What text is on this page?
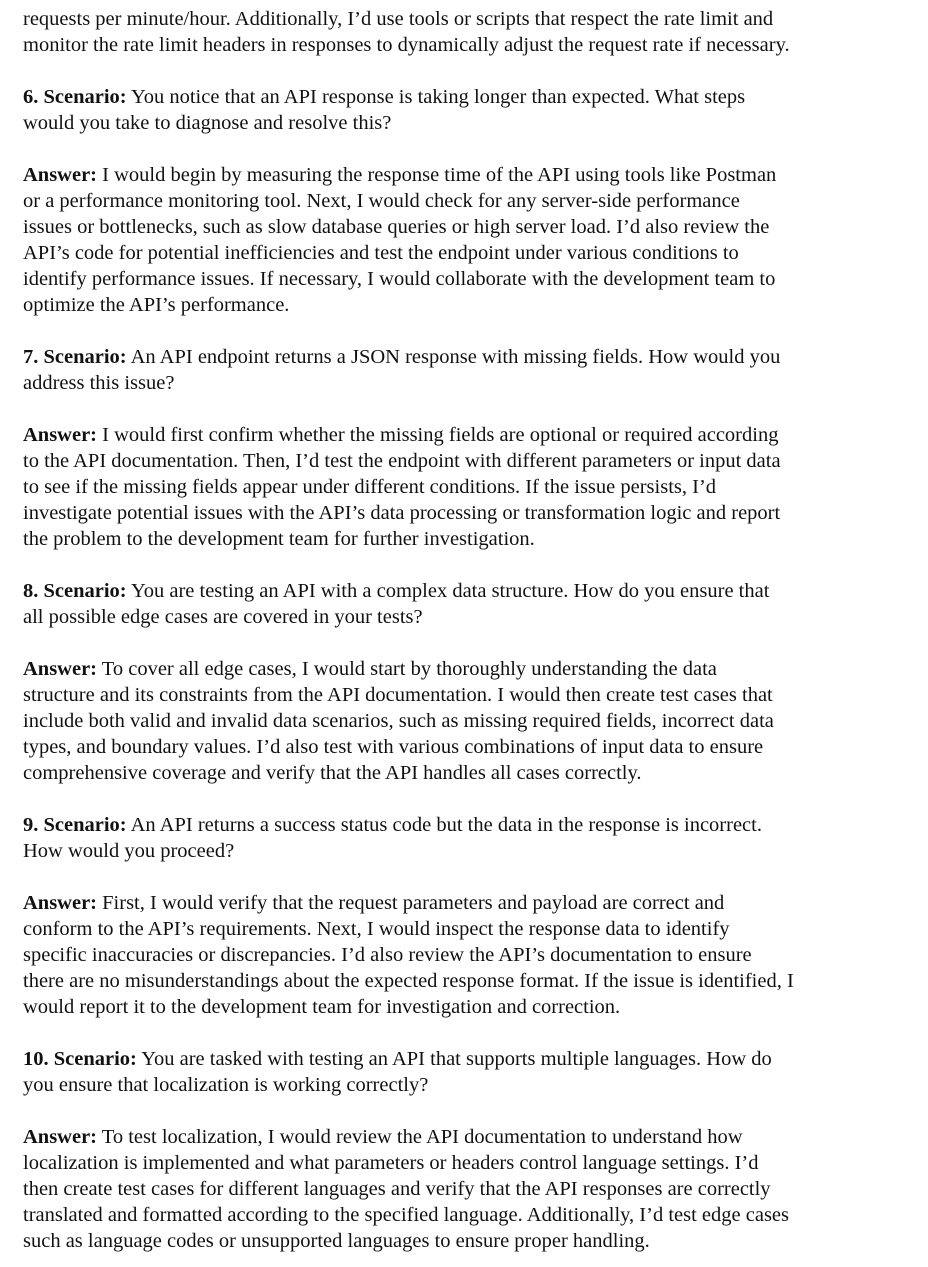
requests per minute/hour. Additionally, I’d use tools or scripts that respect the rate limit and
monitor the rate limit headers in responses to dynamically adjust the request rate if necessary.

6. Scenario: You notice that an API response is taking longer than expected. What steps
would you take to diagnose and resolve this?

Answer: I would begin by measuring the response time of the API using tools like Postman
or a performance monitoring tool. Next, I would check for any server-side performance
issues or bottlenecks, such as slow database queries or high server load. I’d also review the
API’s code for potential inefficiencies and test the endpoint under various conditions to
identify performance issues. If necessary, I would collaborate with the development team to
optimize the API’s performance.

7. Scenario: An API endpoint returns a JSON response with missing fields. How would you
address this issue?

Answer: I would first confirm whether the missing fields are optional or required according
to the API documentation. Then, I’d test the endpoint with different parameters or input data
to see if the missing fields appear under different conditions. If the issue persists, I’d
investigate potential issues with the API’s data processing or transformation logic and report
the problem to the development team for further investigation.

8. Scenario: You are testing an API with a complex data structure. How do you ensure that
all possible edge cases are covered in your tests?

Answer: To cover all edge cases, I would start by thoroughly understanding the data
structure and its constraints from the API documentation. I would then create test cases that
include both valid and invalid data scenarios, such as missing required fields, incorrect data
types, and boundary values. I’d also test with various combinations of input data to ensure
comprehensive coverage and verify that the API handles all cases correctly.

9. Scenario: An API returns a success status code but the data in the response is incorrect.
How would you proceed?

Answer: First, I would verify that the request parameters and payload are correct and
conform to the API’s requirements. Next, I would inspect the response data to identify
specific inaccuracies or discrepancies. I’d also review the API’s documentation to ensure
there are no misunderstandings about the expected response format. If the issue is identified, I
would report it to the development team for investigation and correction.

10. Scenario: You are tasked with testing an API that supports multiple languages. How do
you ensure that localization is working correctly?

Answer: To test localization, I would review the API documentation to understand how
localization is implemented and what parameters or headers control language settings. I’d
then create test cases for different languages and verify that the API responses are correctly
translated and formatted according to the specified language. Additionally, I’d test edge cases
such as language codes or unsupported languages to ensure proper handling.
